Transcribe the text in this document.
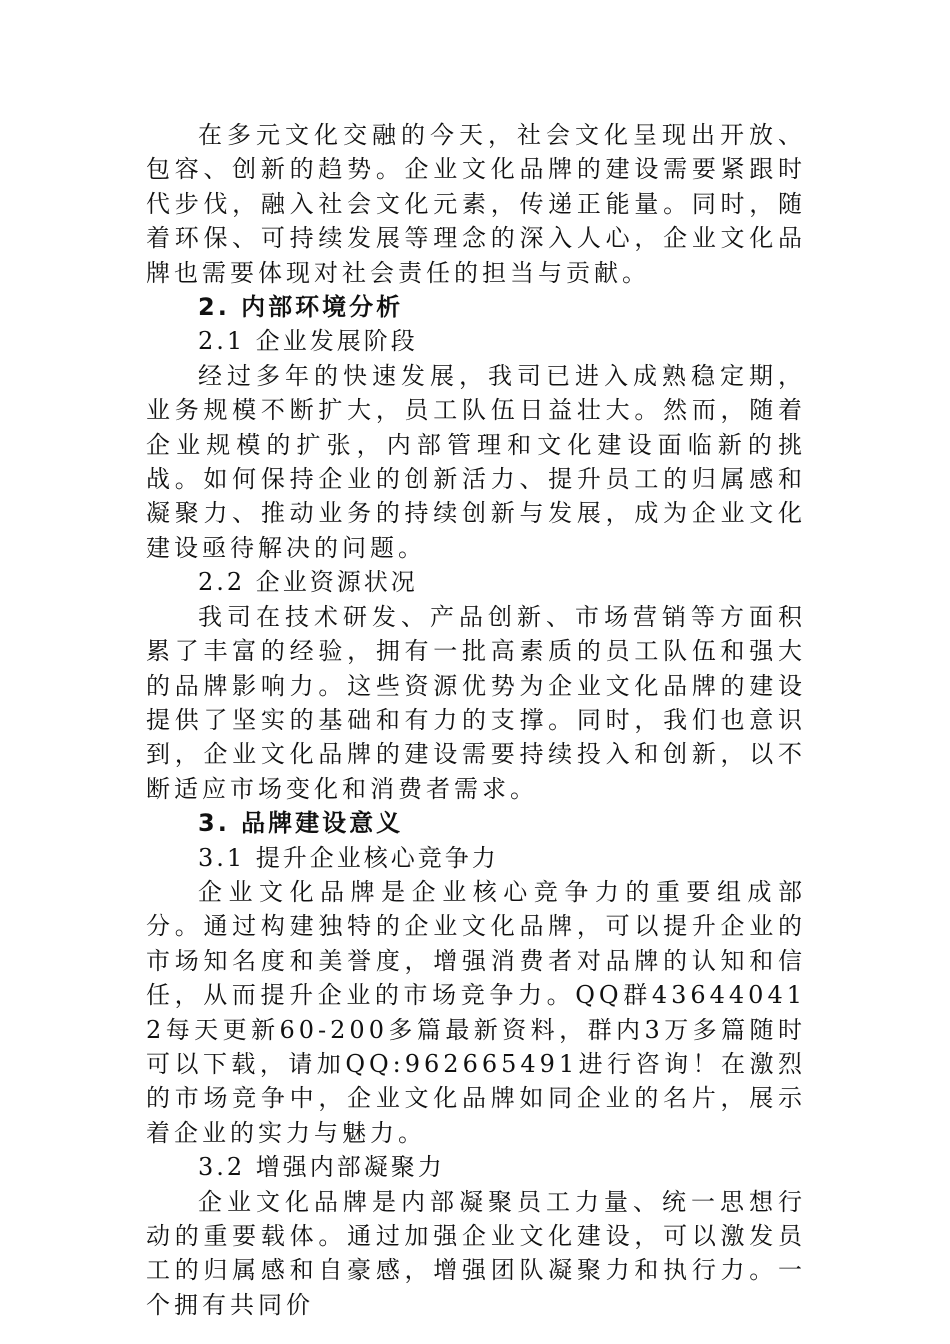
在多元文化交融的今天，社会文化呈现出开放、包容、创新的趋势。企业文化品牌的建设需要紧跟时代步伐，融入社会文化元素，传递正能量。同时，随着环保、可持续发展等理念的深入人心，企业文化品牌也需要体现对社会责任的担当与贡献。

2. 内部环境分析

2.1 企业发展阶段

经过多年的快速发展，我司已进入成熟稳定期，业务规模不断扩大，员工队伍日益壮大。然而，随着企业规模的扩张，内部管理和文化建设面临新的挑战。如何保持企业的创新活力、提升员工的归属感和凝聚力、推动业务的持续创新与发展，成为企业文化建设亟待解决的问题。

2.2 企业资源状况

我司在技术研发、产品创新、市场营销等方面积累了丰富的经验，拥有一批高素质的员工队伍和强大的品牌影响力。这些资源优势为企业文化品牌的建设提供了坚实的基础和有力的支撑。同时，我们也意识到，企业文化品牌的建设需要持续投入和创新，以不断适应市场变化和消费者需求。

3. 品牌建设意义

3.1 提升企业核心竞争力

企业文化品牌是企业核心竞争力的重要组成部分。通过构建独特的企业文化品牌，可以提升企业的市场知名度和美誉度，增强消费者对品牌的认知和信任，从而提升企业的市场竞争力。QQ群436440412每天更新60-200多篇最新资料，群内3万多篇随时可以下载，请加QQ:962665491进行咨询！在激烈的市场竞争中，企业文化品牌如同企业的名片，展示着企业的实力与魅力。

3.2 增强内部凝聚力

企业文化品牌是内部凝聚员工力量、统一思想行动的重要载体。通过加强企业文化建设，可以激发员工的归属感和自豪感，增强团队凝聚力和执行力。一个拥有共同价
